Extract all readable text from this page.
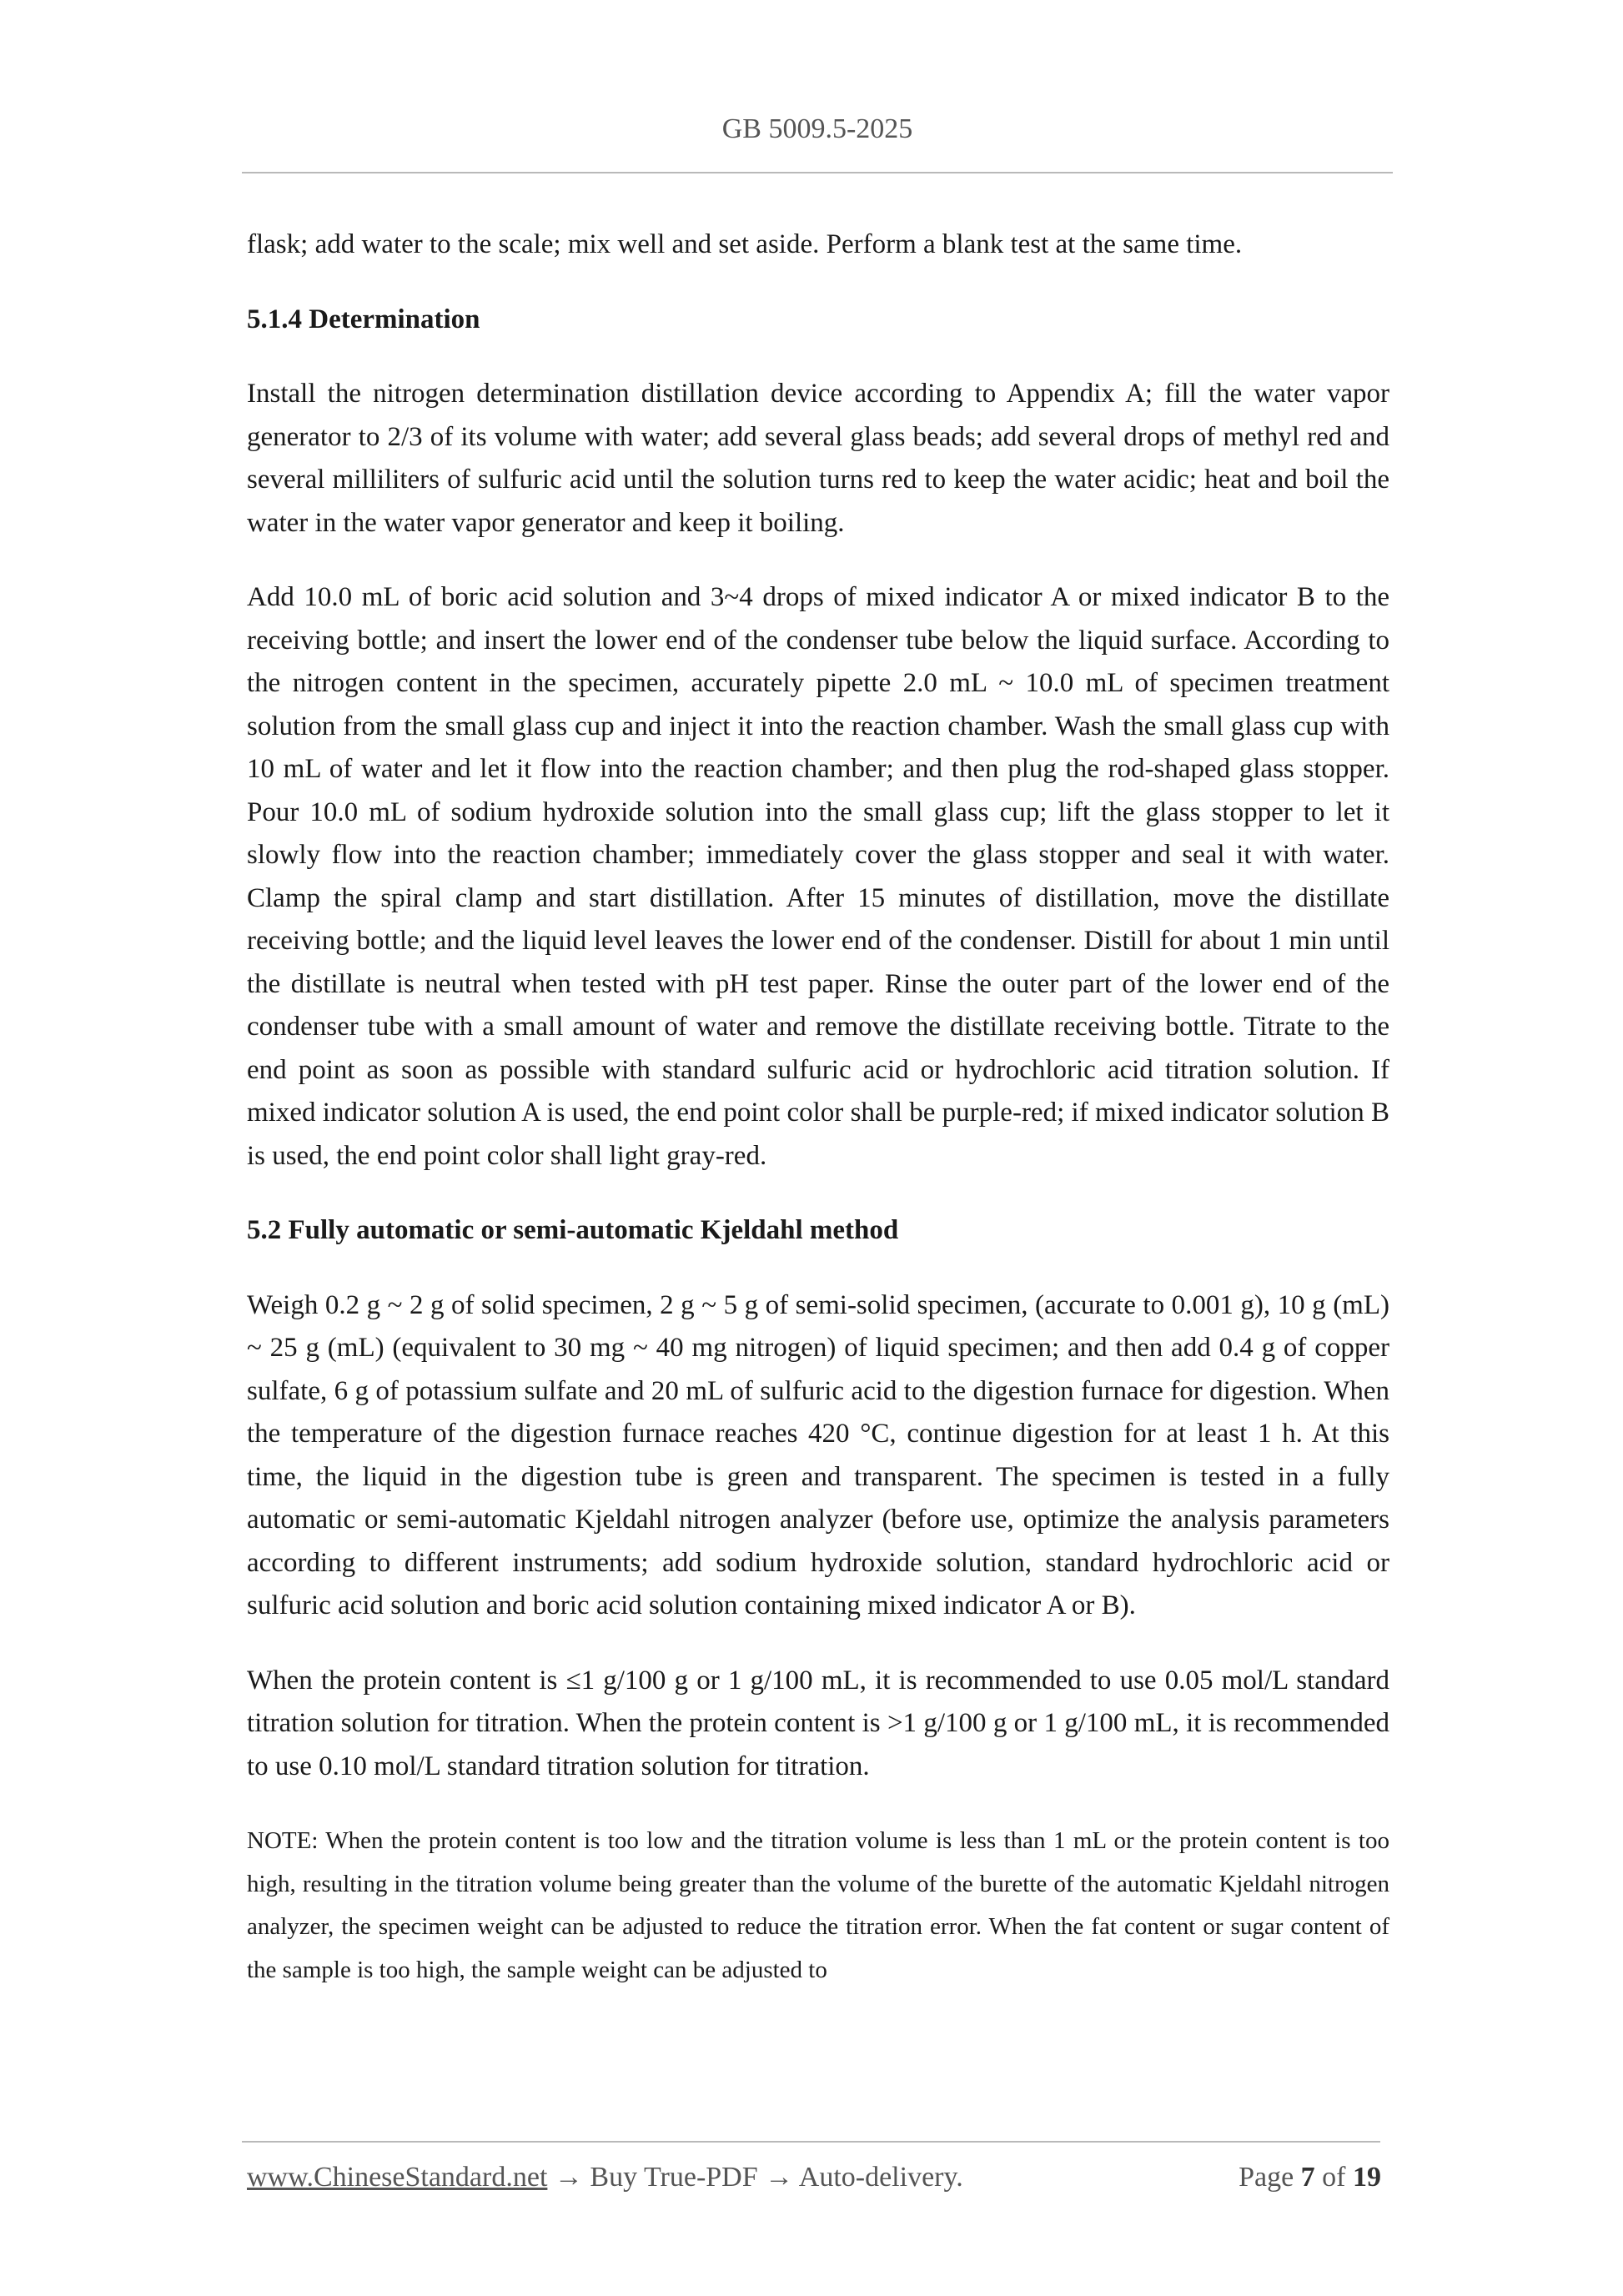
GB 5009.5-2025

flask; add water to the scale; mix well and set aside. Perform a blank test at the same time.

5.1.4 Determination

Install the nitrogen determination distillation device according to Appendix A; fill the water vapor generator to 2/3 of its volume with water; add several glass beads; add several drops of methyl red and several milliliters of sulfuric acid until the solution turns red to keep the water acidic; heat and boil the water in the water vapor generator and keep it boiling.

Add 10.0 mL of boric acid solution and 3~4 drops of mixed indicator A or mixed indicator B to the receiving bottle; and insert the lower end of the condenser tube below the liquid surface. According to the nitrogen content in the specimen, accurately pipette 2.0 mL ~ 10.0 mL of specimen treatment solution from the small glass cup and inject it into the reaction chamber. Wash the small glass cup with 10 mL of water and let it flow into the reaction chamber; and then plug the rod-shaped glass stopper. Pour 10.0 mL of sodium hydroxide solution into the small glass cup; lift the glass stopper to let it slowly flow into the reaction chamber; immediately cover the glass stopper and seal it with water. Clamp the spiral clamp and start distillation. After 15 minutes of distillation, move the distillate receiving bottle; and the liquid level leaves the lower end of the condenser. Distill for about 1 min until the distillate is neutral when tested with pH test paper. Rinse the outer part of the lower end of the condenser tube with a small amount of water and remove the distillate receiving bottle. Titrate to the end point as soon as possible with standard sulfuric acid or hydrochloric acid titration solution. If mixed indicator solution A is used, the end point color shall be purple-red; if mixed indicator solution B is used, the end point color shall light gray-red.

5.2 Fully automatic or semi-automatic Kjeldahl method

Weigh 0.2 g ~ 2 g of solid specimen, 2 g ~ 5 g of semi-solid specimen, (accurate to 0.001 g), 10 g (mL) ~ 25 g (mL) (equivalent to 30 mg ~ 40 mg nitrogen) of liquid specimen; and then add 0.4 g of copper sulfate, 6 g of potassium sulfate and 20 mL of sulfuric acid to the digestion furnace for digestion. When the temperature of the digestion furnace reaches 420 °C, continue digestion for at least 1 h. At this time, the liquid in the digestion tube is green and transparent. The specimen is tested in a fully automatic or semi-automatic Kjeldahl nitrogen analyzer (before use, optimize the analysis parameters according to different instruments; add sodium hydroxide solution, standard hydrochloric acid or sulfuric acid solution and boric acid solution containing mixed indicator A or B).

When the protein content is ≤1 g/100 g or 1 g/100 mL, it is recommended to use 0.05 mol/L standard titration solution for titration. When the protein content is >1 g/100 g or 1 g/100 mL, it is recommended to use 0.10 mol/L standard titration solution for titration.

NOTE: When the protein content is too low and the titration volume is less than 1 mL or the protein content is too high, resulting in the titration volume being greater than the volume of the burette of the automatic Kjeldahl nitrogen analyzer, the specimen weight can be adjusted to reduce the titration error. When the fat content or sugar content of the sample is too high, the sample weight can be adjusted to

www.ChineseStandard.net → Buy True-PDF → Auto-delivery.	Page 7 of 19
